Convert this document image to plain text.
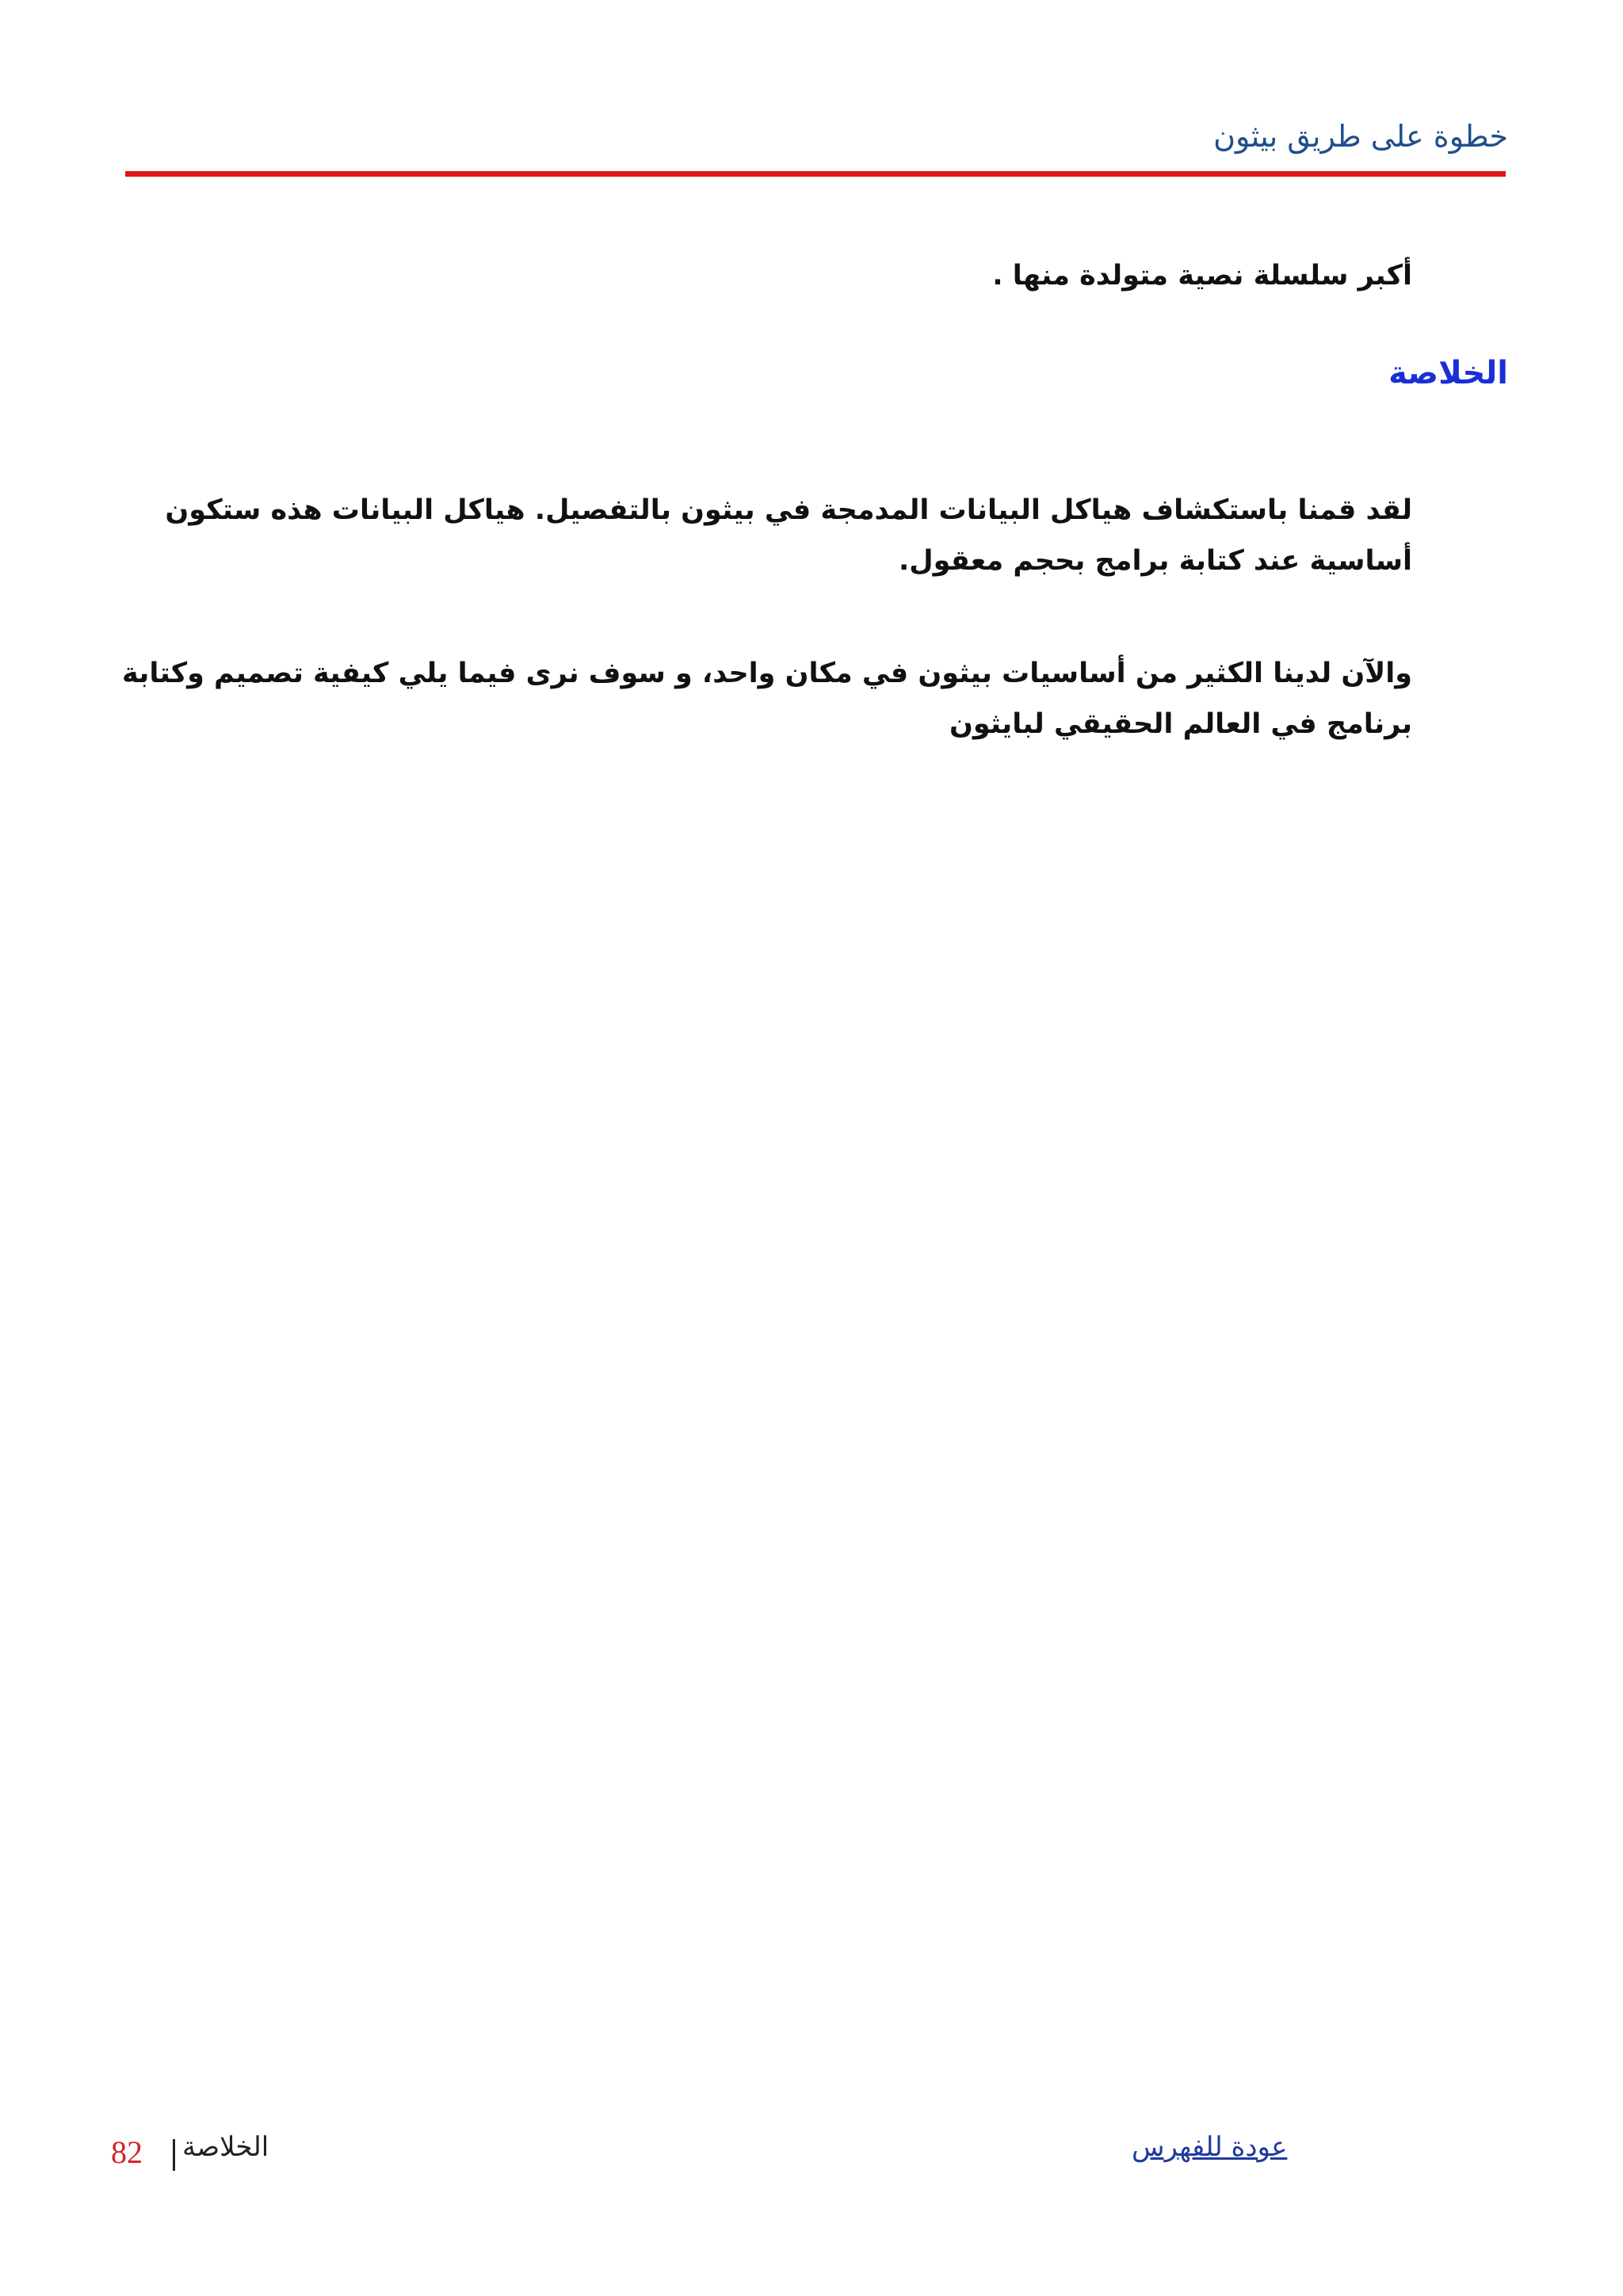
خطوة على طريق بيثون
أكبر سلسلة نصية متولدة منها .
الخلاصة
لقد قمنا باستكشاف هياكل البيانات المدمجة في بيثون بالتفصيل. هياكل البيانات هذه ستكون أساسية عند كتابة برامج بحجم معقول.
والآن لدينا الكثير من أساسيات بيثون في مكان واحد، و سوف نرى فيما يلي كيفية تصميم وكتابة برنامج في العالم الحقيقي لبايثون
82 الخلاصة	عودة للفهرس
